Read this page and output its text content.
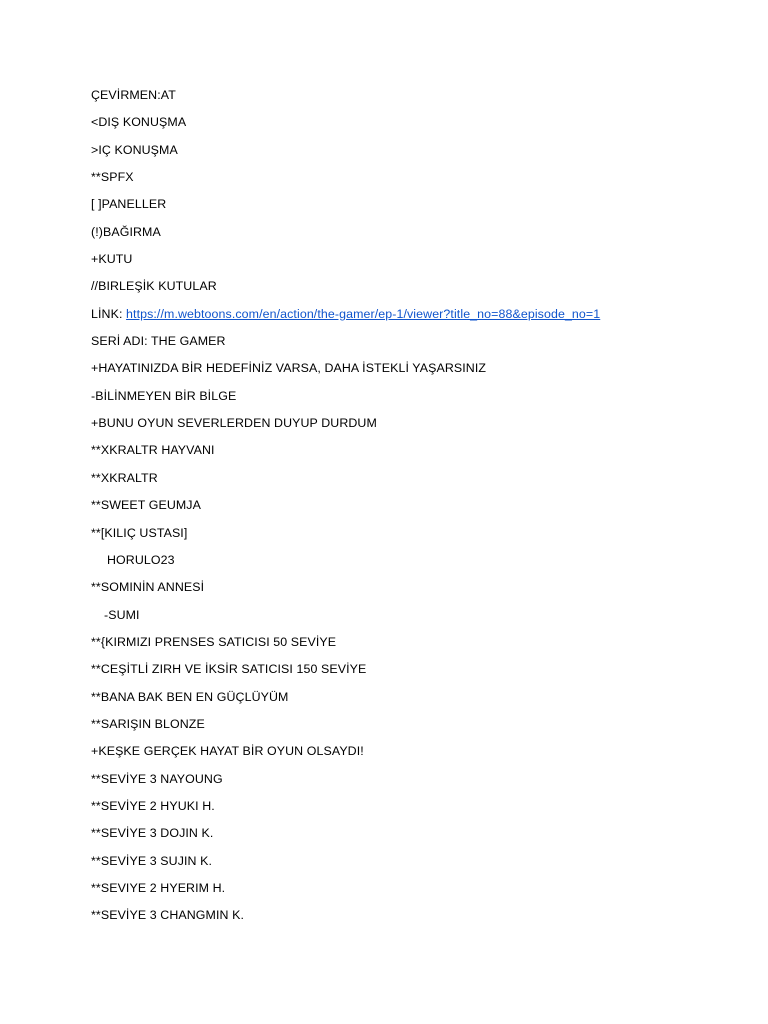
ÇEVİRMEN:AT
<DIŞ KONUŞMA
>IÇ KONUŞMA
**SPFX
[ ]PANELLER
(!)BAĞIRMA
+KUTU
//BIRLEŞİK KUTULAR
LİNK: https://m.webtoons.com/en/action/the-gamer/ep-1/viewer?title_no=88&episode_no=1
SERİ ADI: THE GAMER
+HAYATINIZDA BİR HEDEFİNİZ VARSA, DAHA İSTEKLİ YAŞARSINIZ
-BİLİNMEYEN BİR BİLGE
+BUNU OYUN SEVERLERDEN DUYUP DURDUM
**XKRALTR HAYVANI
**XKRALTR
**SWEET GEUMJA
**[KILIÇ USTASI]
HORULO23
**SOMINİN ANNESİ
-SUMI
**{KIRMIZI PRENSES SATICISI 50 SEVİYE
**CEŞİTLİ ZIRH VE İKSİR SATICISI 150 SEVİYE
**BANA BAK BEN EN GÜÇLÜYÜM
**SARIŞIN BLONZE
+KEŞKE GERÇEK HAYAT BİR OYUN OLSAYDI!
**SEVİYE 3 NAYOUNG
**SEVİYE 2 HYUKI H.
**SEVİYE 3 DOJIN K.
**SEVİYE 3 SUJIN K.
**SEVIYE 2 HYERIM H.
**SEVİYE 3 CHANGMIN K.
